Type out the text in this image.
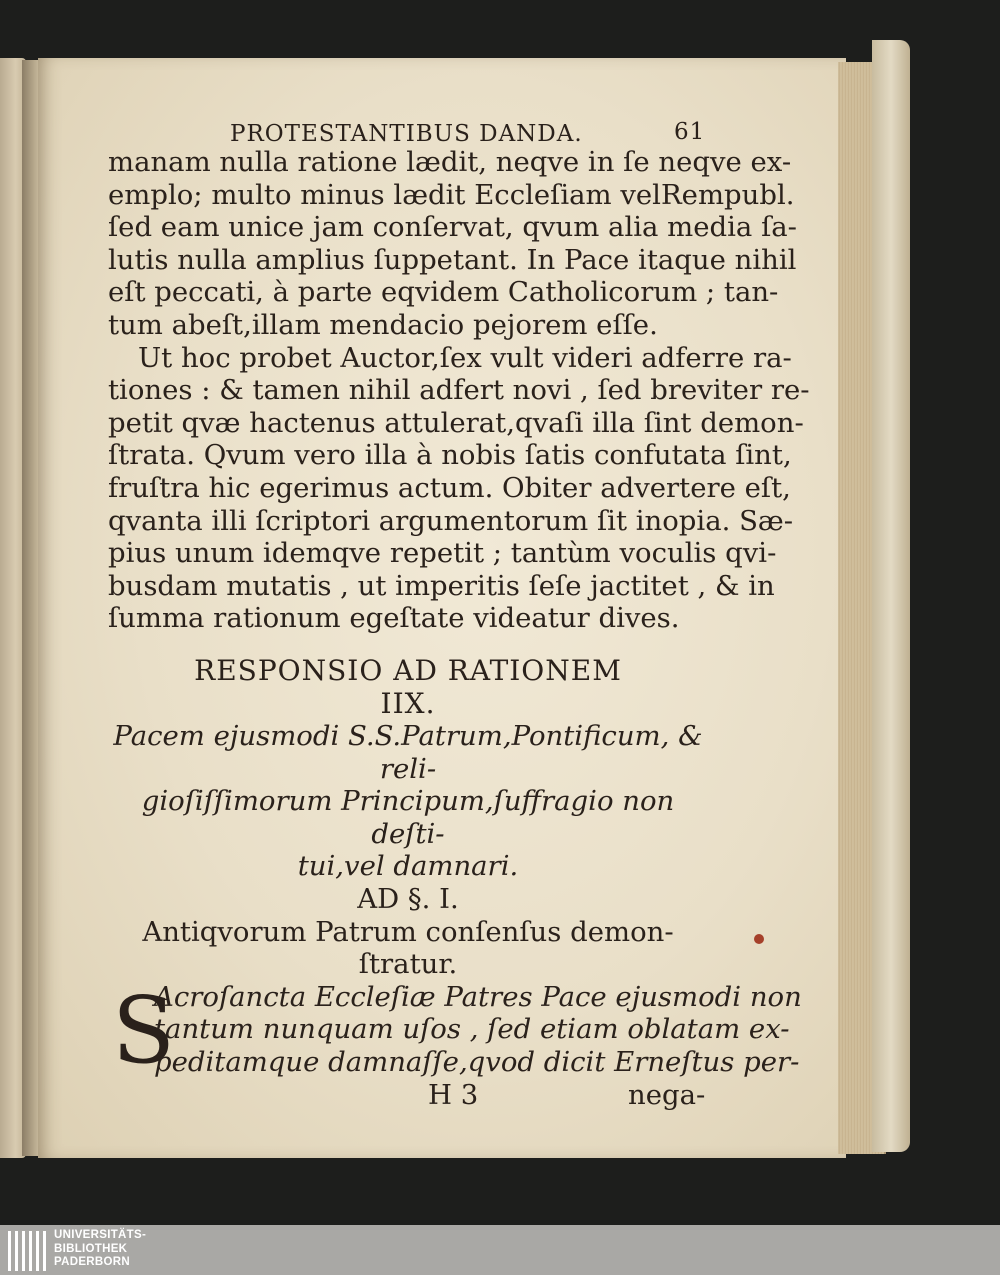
PROTESTANTIBUS DANDA.	61
manam nulla ratione lædit, neqve in ſe neqve ex-
emplo; multo minus lædit Eccleſiam velRempubl.
ſed eam unice jam conſervat, qvum alia media ſa-
lutis nulla amplius ſuppetant. In Pace itaque nihil
eſt peccati, à parte eqvidem Catholicorum ; tan-
tum abeſt,illam mendacio pejorem eſſe.
Ut hoc probet Auctor,ſex vult videri adferre ra-
tiones : & tamen nihil adfert novi , ſed breviter re-
petit qvæ hactenus attulerat,qvaſi illa ſint demon-
ſtrata. Qvum vero illa à nobis ſatis confutata ſint,
fruſtra hic egerimus actum. Obiter advertere eſt,
qvanta illi ſcriptori argumentorum ſit inopia. Sæ-
pius unum idemqve repetit ; tantùm voculis qvi-
busdam mutatis , ut imperitis ſeſe jactitet , & in
ſumma rationum egeſtate videatur dives.
RESPONSIO AD RATIONEM
IIX.
Pacem ejusmodi S.S.Patrum,Pontificum, & reli-
gioſiſſimorum Principum,ſuffragio non deſti-
tui,vel damnari.
AD §. I.
Antiqvorum Patrum conſenſus demon-
ſtratur.
S
Acroſancta Eccleſiæ Patres Pace ejusmodi non
tantum nunquam uſos , ſed etiam oblatam ex-
peditamque damnaſſe,qvod dicit Erneſtus per-
H 3	nega-
UNIVERSITÄTS-
BIBLIOTHEK
PADERBORN
